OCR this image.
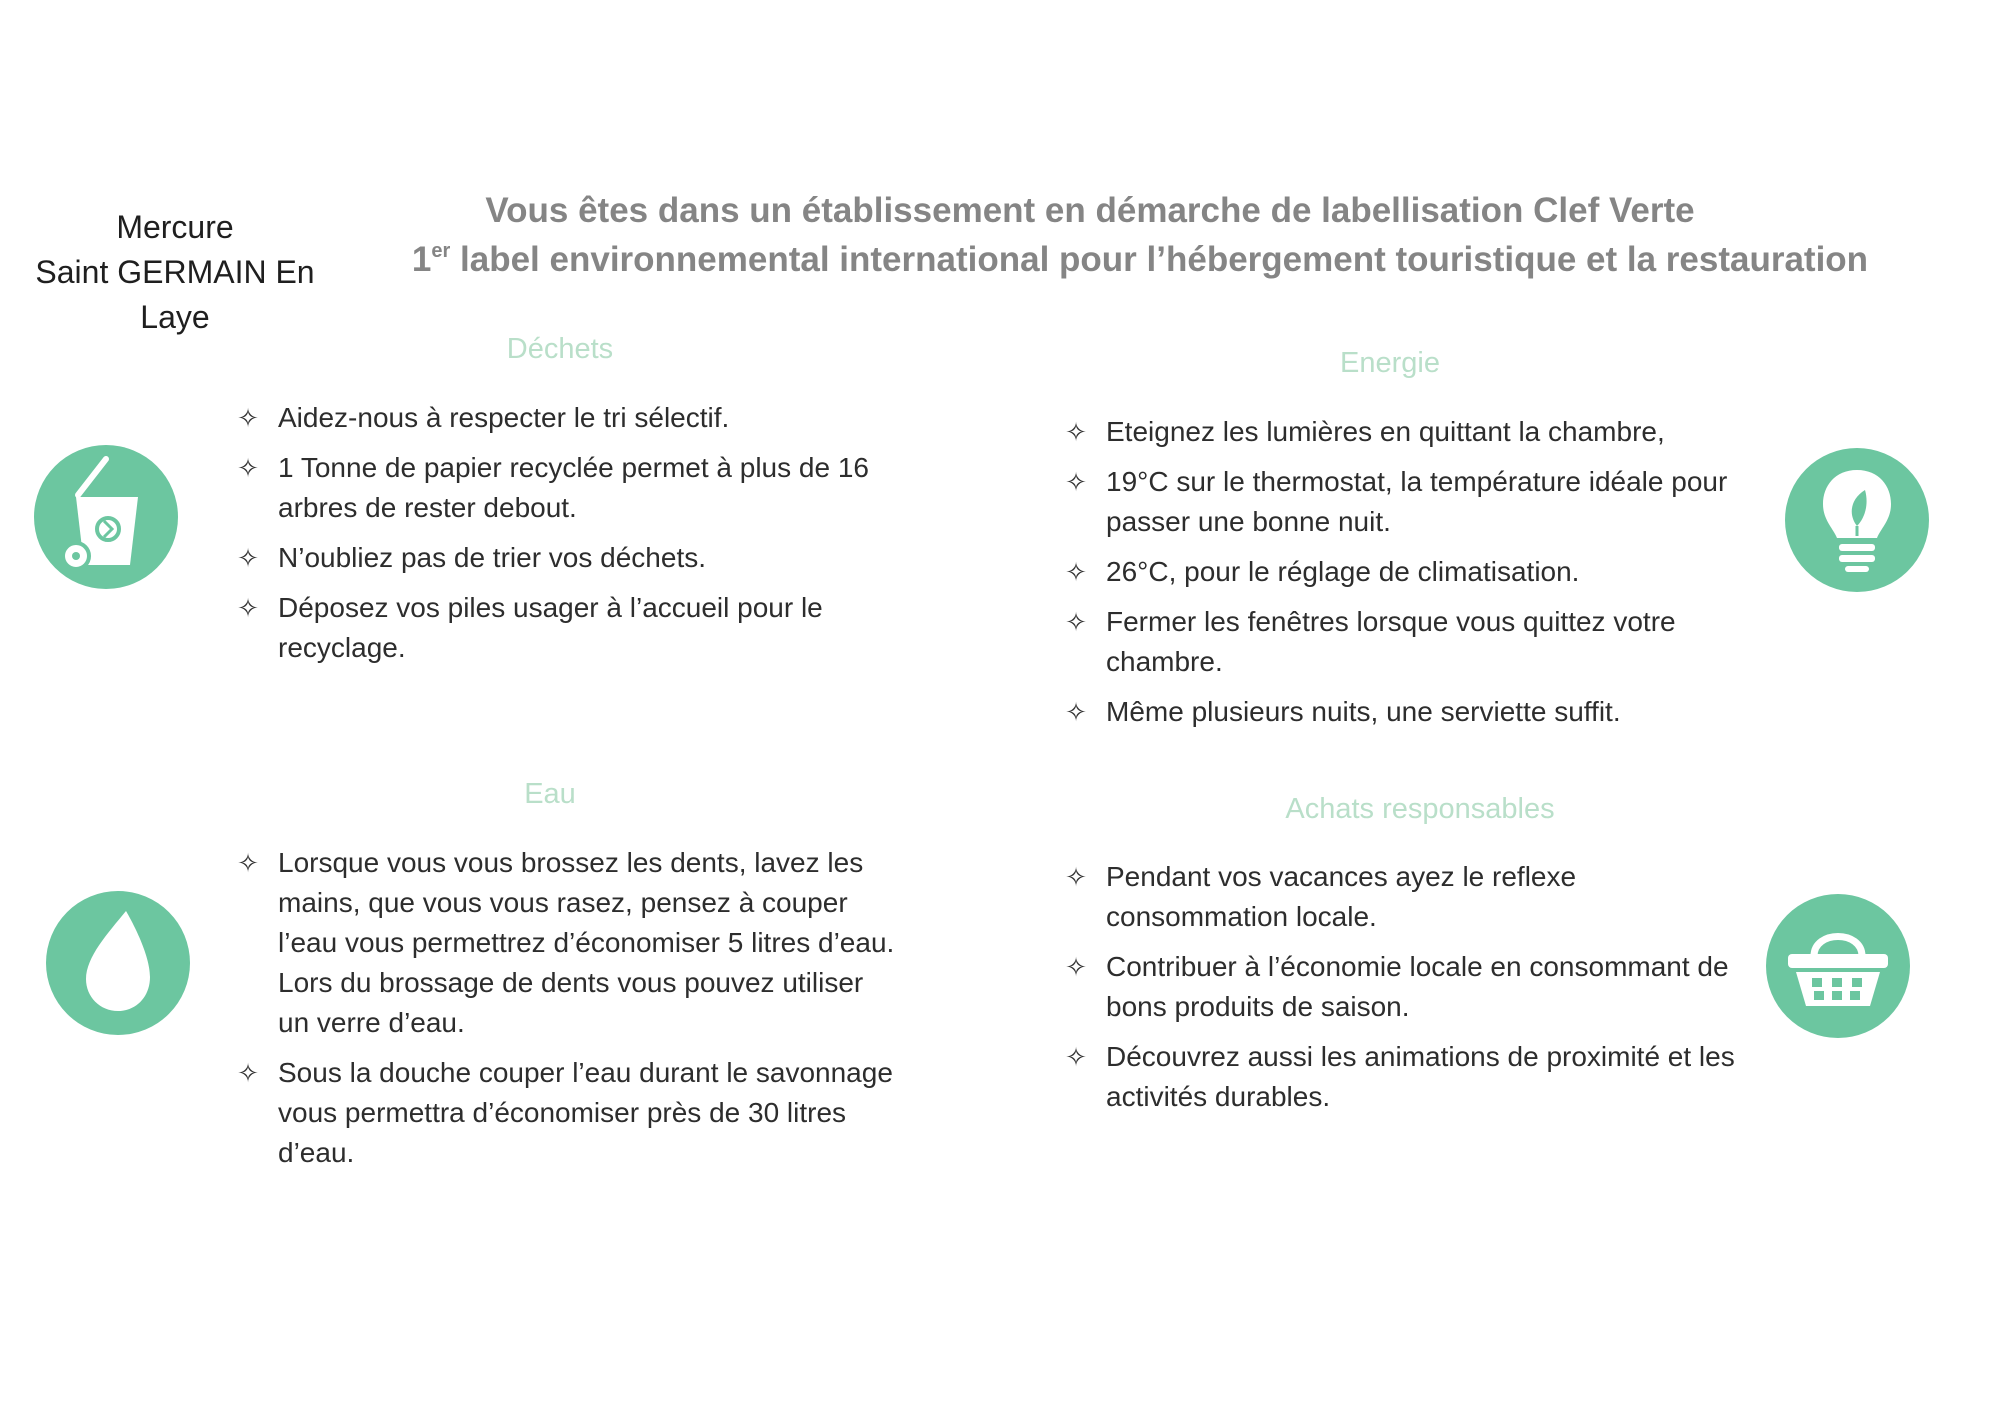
Mercure
Saint GERMAIN En
Laye
Vous êtes dans un établissement en démarche de labellisation Clef Verte
1er label environnemental international pour l’hébergement touristique et la restauration
Déchets
✧ Aidez-nous à respecter le tri sélectif.
✧ 1 Tonne de papier recyclée permet à plus de 16 arbres de rester debout.
✧ N’oubliez pas de trier vos déchets.
✧ Déposez vos piles usager à l’accueil pour le recyclage.
Energie
✧ Eteignez les lumières en quittant la chambre,
✧ 19°C sur le thermostat, la température idéale pour passer une bonne nuit.
✧ 26°C, pour le réglage de climatisation.
✧ Fermer les fenêtres lorsque vous quittez votre chambre.
✧ Même plusieurs nuits, une serviette suffit.
Eau
✧ Lorsque vous vous brossez les dents, lavez les mains, que vous vous rasez, pensez à couper l’eau vous permettrez d’économiser 5 litres d’eau. Lors du brossage de dents vous pouvez utiliser un verre d’eau.
✧ Sous la douche couper l’eau durant le savonnage vous permettra d’économiser près de 30 litres d’eau.
Achats responsables
✧ Pendant vos vacances ayez le reflexe consommation locale.
✧ Contribuer à l’économie locale en consommant de bons produits de saison.
✧ Découvrez aussi les animations de proximité et les activités durables.
